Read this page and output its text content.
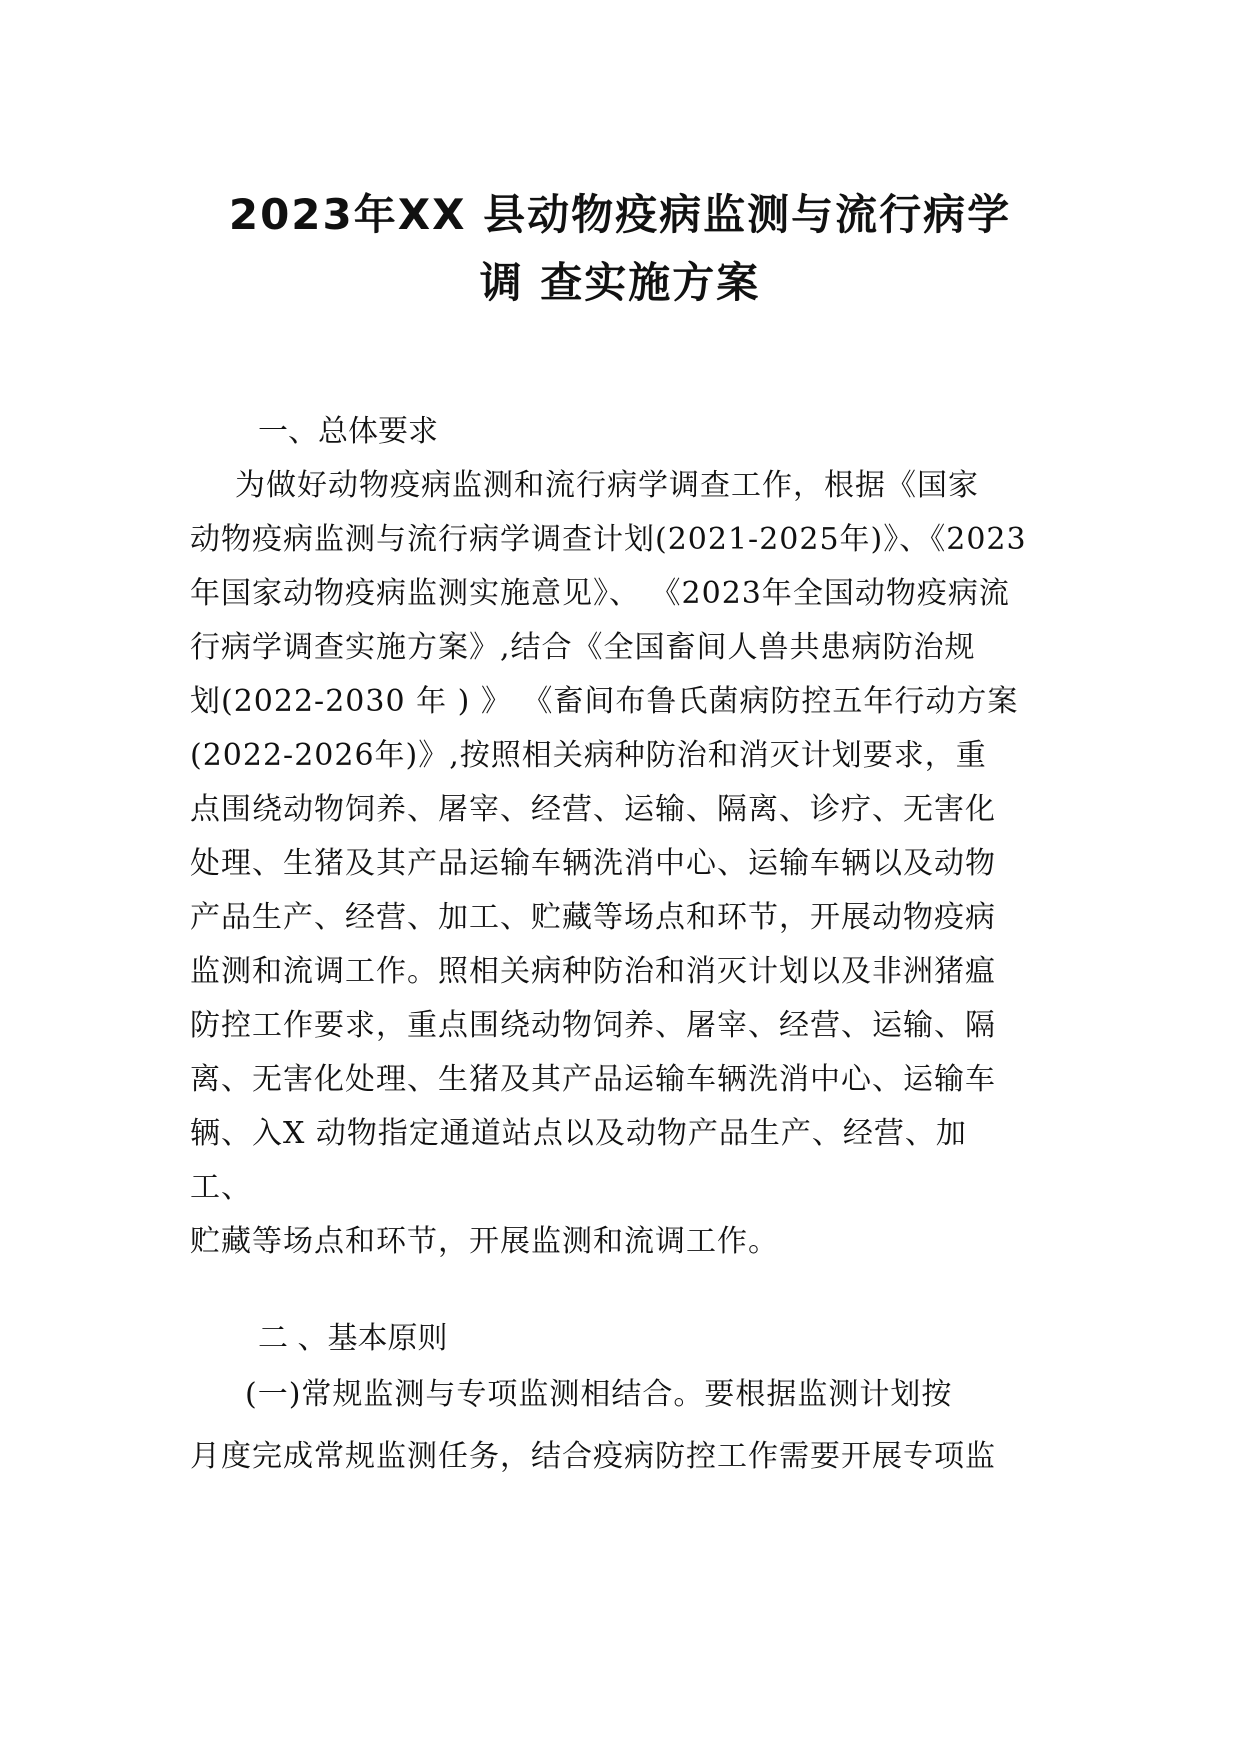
2023年XX 县动物疫病监测与流行病学
调 查实施方案
一、总体要求
为做好动物疫病监测和流行病学调查工作，根据《国家
动物疫病监测与流行病学调查计划(2021-2025年)》、《2023
年国家动物疫病监测实施意见》、 《2023年全国动物疫病流
行病学调查实施方案》,结合《全国畜间人兽共患病防治规
划(2022-2030 年 ) 》 《畜间布鲁氏菌病防控五年行动方案
(2022-2026年)》,按照相关病种防治和消灭计划要求，重
点围绕动物饲养、屠宰、经营、运输、隔离、诊疗、无害化
处理、生猪及其产品运输车辆洗消中心、运输车辆以及动物
产品生产、经营、加工、贮藏等场点和环节，开展动物疫病
监测和流调工作。照相关病种防治和消灭计划以及非洲猪瘟
防控工作要求，重点围绕动物饲养、屠宰、经营、运输、隔
离、无害化处理、生猪及其产品运输车辆洗消中心、运输车
辆、入X 动物指定通道站点以及动物产品生产、经营、加
工、
贮藏等场点和环节，开展监测和流调工作。
二 、基本原则
(一)常规监测与专项监测相结合。要根据监测计划按
月度完成常规监测任务，结合疫病防控工作需要开展专项监
